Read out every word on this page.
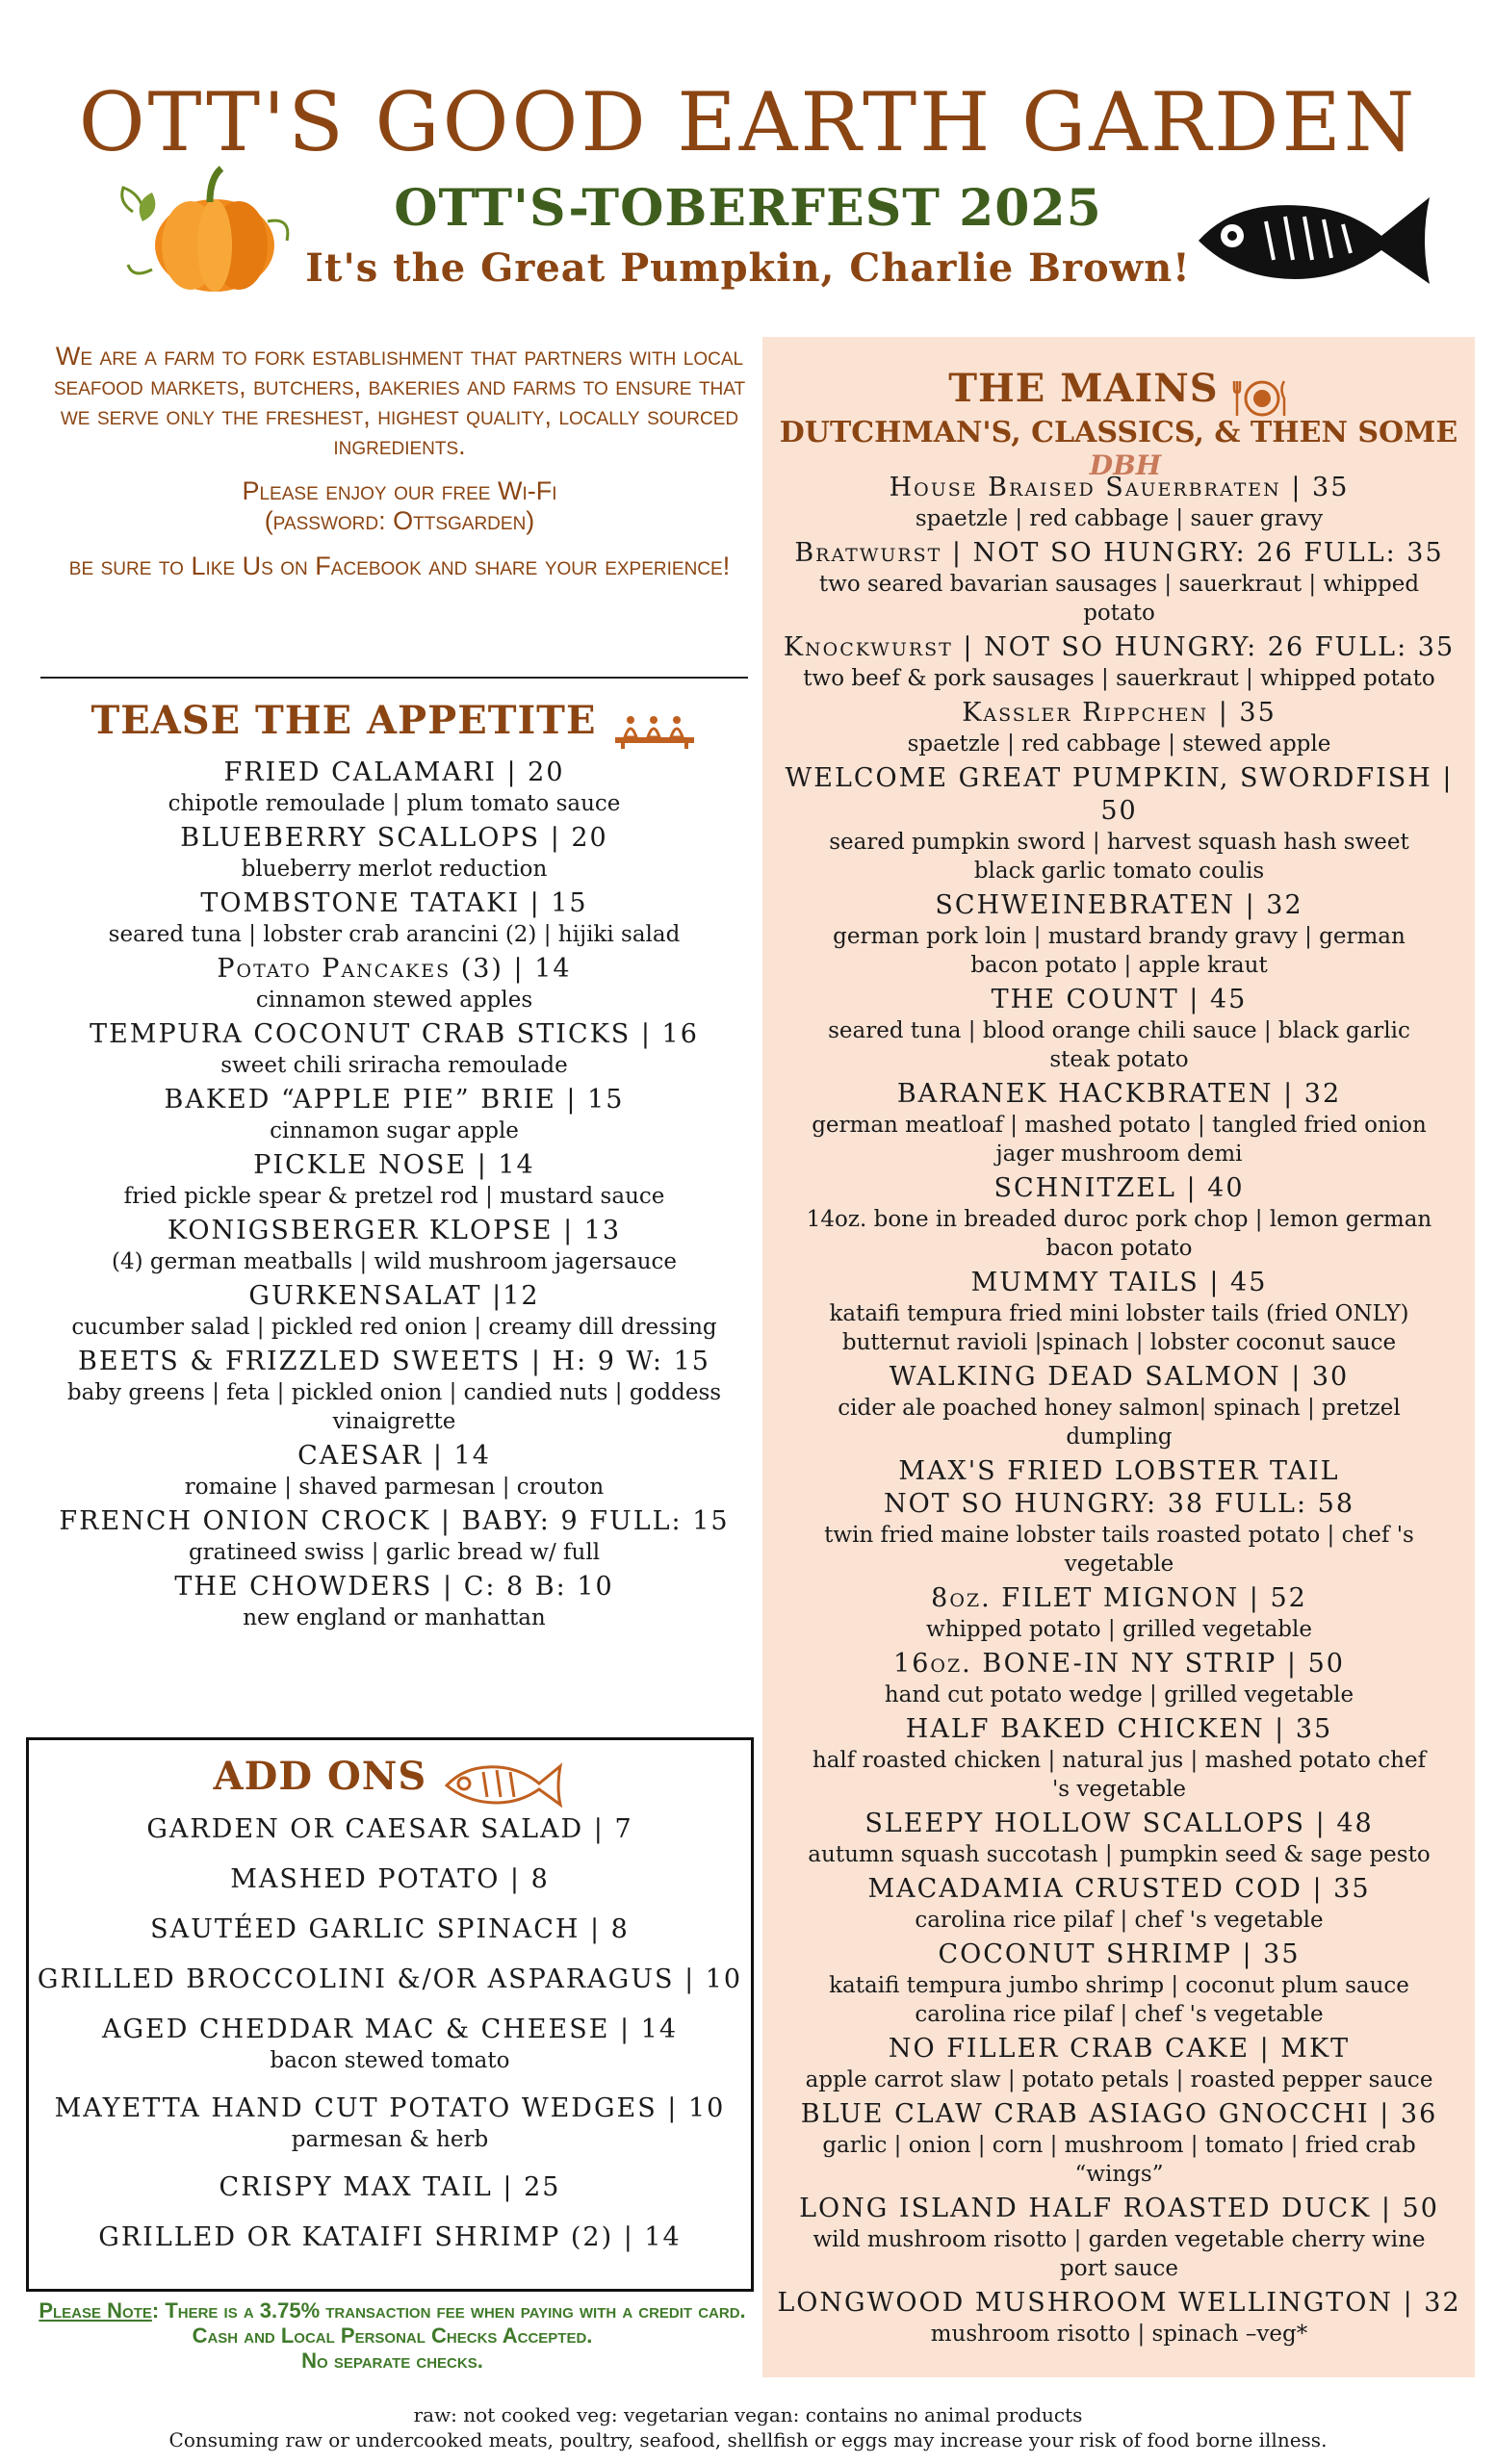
OTT'S GOOD EARTH GARDEN
OTT'S-TOBERFEST 2025
It's the Great Pumpkin, Charlie Brown!

We are a farm to fork establishment that partners with local seafood markets, butchers, bakeries and farms to ensure that we serve only the freshest, highest quality, locally sourced ingredients.

Please enjoy our free Wi-Fi
(password: Ottsgarden)

be sure to Like Us on Facebook and share your experience!

TEASE THE APPETITE
FRIED CALAMARI | 20
chipotle remoulade | plum tomato sauce
BLUEBERRY SCALLOPS | 20
blueberry merlot reduction
TOMBSTONE TATAKI | 15
seared tuna | lobster crab arancini (2) | hijiki salad
Potato Pancakes (3) | 14
cinnamon stewed apples
TEMPURA COCONUT CRAB STICKS | 16
sweet chili sriracha remoulade
BAKED “APPLE PIE” BRIE | 15
cinnamon sugar apple
PICKLE NOSE | 14
fried pickle spear & pretzel rod | mustard sauce
KONIGSBERGER KLOPSE | 13
(4) german meatballs | wild mushroom jagersauce
GURKENSALAT |12
cucumber salad | pickled red onion | creamy dill dressing
BEETS & FRIZZLED SWEETS | H: 9 W: 15
baby greens | feta | pickled onion | candied nuts | goddess vinaigrette
CAESAR | 14
romaine | shaved parmesan | crouton
FRENCH ONION CROCK | BABY: 9 FULL: 15
gratineed swiss | garlic bread w/ full
THE CHOWDERS | C: 8 B: 10
new england or manhattan
ADD ONS
GARDEN OR CAESAR SALAD | 7
MASHED POTATO | 8
SAUTÉED GARLIC SPINACH | 8
GRILLED BROCCOLINI &/OR ASPARAGUS | 10
AGED CHEDDAR MAC & CHEESE | 14
bacon stewed tomato
MAYETTA HAND CUT POTATO WEDGES | 10
parmesan & herb
CRISPY MAX TAIL | 25
GRILLED OR KATAIFI SHRIMP (2) | 14
Please Note: There is a 3.75% transaction fee when paying with a credit card. Cash and Local Personal Checks Accepted.
No separate checks.
THE MAINS
DUTCHMAN'S, CLASSICS, & THEN SOME DBH
House Braised Sauerbraten | 35
spaetzle | red cabbage | sauer gravy
Bratwurst | NOT SO HUNGRY: 26 FULL: 35
two seared bavarian sausages | sauerkraut | whipped potato
Knockwurst | NOT SO HUNGRY: 26 FULL: 35
two beef & pork sausages | sauerkraut | whipped potato
Kassler Rippchen | 35
spaetzle | red cabbage | stewed apple
WELCOME GREAT PUMPKIN, SWORDFISH | 50
seared pumpkin sword | harvest squash hash sweet black garlic tomato coulis
SCHWEINEBRATEN | 32
german pork loin | mustard brandy gravy | german bacon potato | apple kraut
THE COUNT | 45
seared tuna | blood orange chili sauce | black garlic steak potato
BARANEK HACKBRATEN | 32
german meatloaf | mashed potato | tangled fried onion jager mushroom demi
SCHNITZEL | 40
14oz. bone in breaded duroc pork chop | lemon german bacon potato
MUMMY TAILS | 45
kataifi tempura fried mini lobster tails (fried ONLY) butternut ravioli |spinach | lobster coconut sauce
WALKING DEAD SALMON | 30
cider ale poached honey salmon| spinach | pretzel dumpling
MAX'S FRIED LOBSTER TAIL
NOT SO HUNGRY: 38 FULL: 58
twin fried maine lobster tails roasted potato | chef 's vegetable
8oz. FILET MIGNON | 52
whipped potato | grilled vegetable
16oz. BONE-IN NY STRIP | 50
hand cut potato wedge | grilled vegetable
HALF BAKED CHICKEN | 35
half roasted chicken | natural jus | mashed potato chef 's vegetable
SLEEPY HOLLOW SCALLOPS | 48
autumn squash succotash | pumpkin seed & sage pesto
MACADAMIA CRUSTED COD | 35
carolina rice pilaf | chef 's vegetable
COCONUT SHRIMP | 35
kataifi tempura jumbo shrimp | coconut plum sauce carolina rice pilaf | chef 's vegetable
NO FILLER CRAB CAKE | MKT
apple carrot slaw | potato petals | roasted pepper sauce
BLUE CLAW CRAB ASIAGO GNOCCHI | 36
garlic | onion | corn | mushroom | tomato | fried crab “wings”
LONG ISLAND HALF ROASTED DUCK | 50
wild mushroom risotto | garden vegetable cherry wine port sauce
LONGWOOD MUSHROOM WELLINGTON | 32
mushroom risotto | spinach –veg*
raw: not cooked veg: vegetarian vegan: contains no animal products
Consuming raw or undercooked meats, poultry, seafood, shellfish or eggs may increase your risk of food borne illness.
